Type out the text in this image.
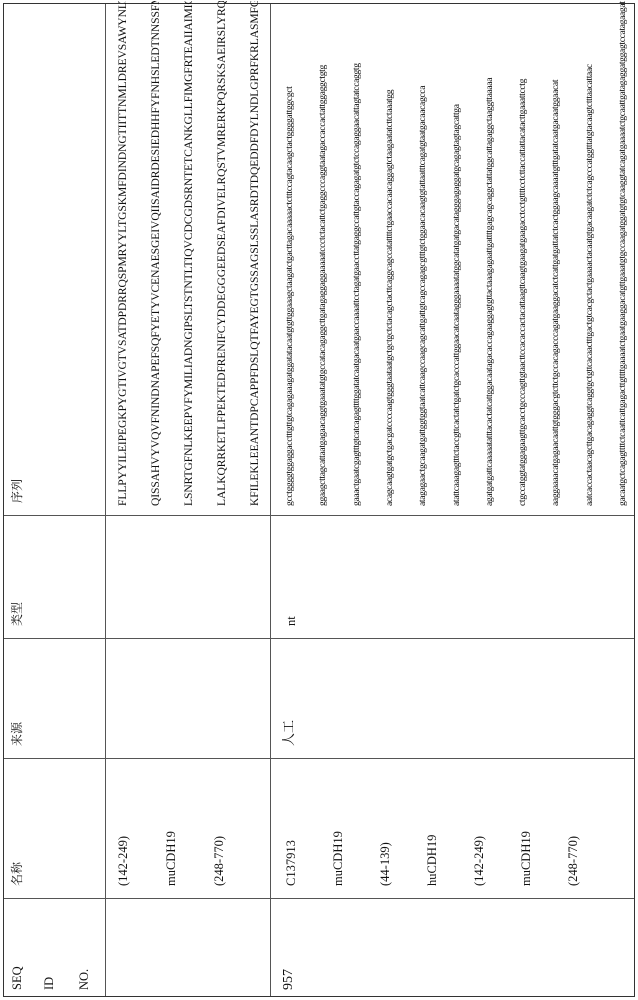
SEQ ID NO.
名称
来源
类型
序列
957
人工
nt
(142-249)	muCDH19	(248-770)
FLLPYYILEIPEGKPYGTIVGTVSATDPDRRQSPMRYYLTGSKMFDINDNGTIITTNMLDREVSAWYNLTVTATETYNVQ QISSAHVYVQVFNINDNAPEFSQFYETYVCENAESGEIVQIISAIDRDESIEDHHFYFNHSLEDTNNSSFMLTDNQDNTAVI LSNRTGFNLKEEPVFYMILIADNGIPSLTSTNTLTIQVCDCGDSRNTETCANKGLLFIMGFRTEAIIAIMICVMVIFGFFFLI LALKQRRKETLFPEKTEDFRENIFCYDDEGGGEEDSEAFDIVELRQSTVMRERKPQRSKSAEIRSLYRQSLQVGPDSAIFR KFILEKLEEANTDPCAPPFDSLQTFAYEGTGSSAGSLSSLASRDTDQEDDFDYLNDLGPRFKRLASMFGSAVQPNN
C137913	muCDH19	(44-139)	huCDH19	(142-249)	muCDH19	(248-770)
gcctggggtggaggacctttgttgtcagagaaagatggatatacaatgtgttggaaagctaagatctgacttagacaaaaactctttccagtacaagctactggggattggcgct ggaagcttagcattaatgagaacaggtgaaatatgtgccatacagaggcttgatagaggaggaaaaatccctctacattctgaggcccaggtaatagaccaccactattggaggctgtg gaaactgaatcgagtttgtcatcagagttttggatatcaatgacaatgaaccaaaattcctagatgaaccttatgaggccattgtaccagagatgtctccagaggaacattagtatccaggtg acagcaagtgatgctgacgatccccaagtgggtaataatgctgctgctctacagctacttcaggcagccatattttctgaaccacaacaggagtctaagaatatcttctaaatgg atagagaactgcaagatgattggtggtaatcattcaagccaagcagcattgattgtcagccagagcgtttgtctggaacacaagtgtattaatttcagatgtaatgacaacagcca atattcaaagagtttctaccgttcactatctgatctgcacccattggaacatcaatagggaaaatatggcatatgatgacatagggagaggatgcagagtagtagcattga agatgatgattcaaaaatatttacactatcattggacaatagacaccagaaggagtgttactaaagagaattgattttgagcagcaggctattatggcattagaggctaaggttaaaaa ctgccatggtatggagaagttgcacctgcccagttgtaacttccacaccactacattaagttcaagtgaagatgaagacctcctgttttcctcttaccattattacatacttgaaattcctg aaggaaaacatgagaacaattgtgggacgtcttctgccacagacccagatgaaggacatctcattgatgattatctcactggaagcaaaatgtttgatatcaatgacaatggaacat aatcaccactaacagcttgacagaggtcaggtgctgttcacaactttgactgtcacgctactgaaaactacaatgtgacaagatctctcagcccatggtttatgtacaagtctttaacattaac gacaatgctcagagttttctcaattcattgagacttgttttgaaaatctgaatgaaggacatgttgaaatgtgccaagatggatgtgtcaaggtatcagatgaaaatctgcaattgatagaggatggagtccatagaagatcaccattttacttta
